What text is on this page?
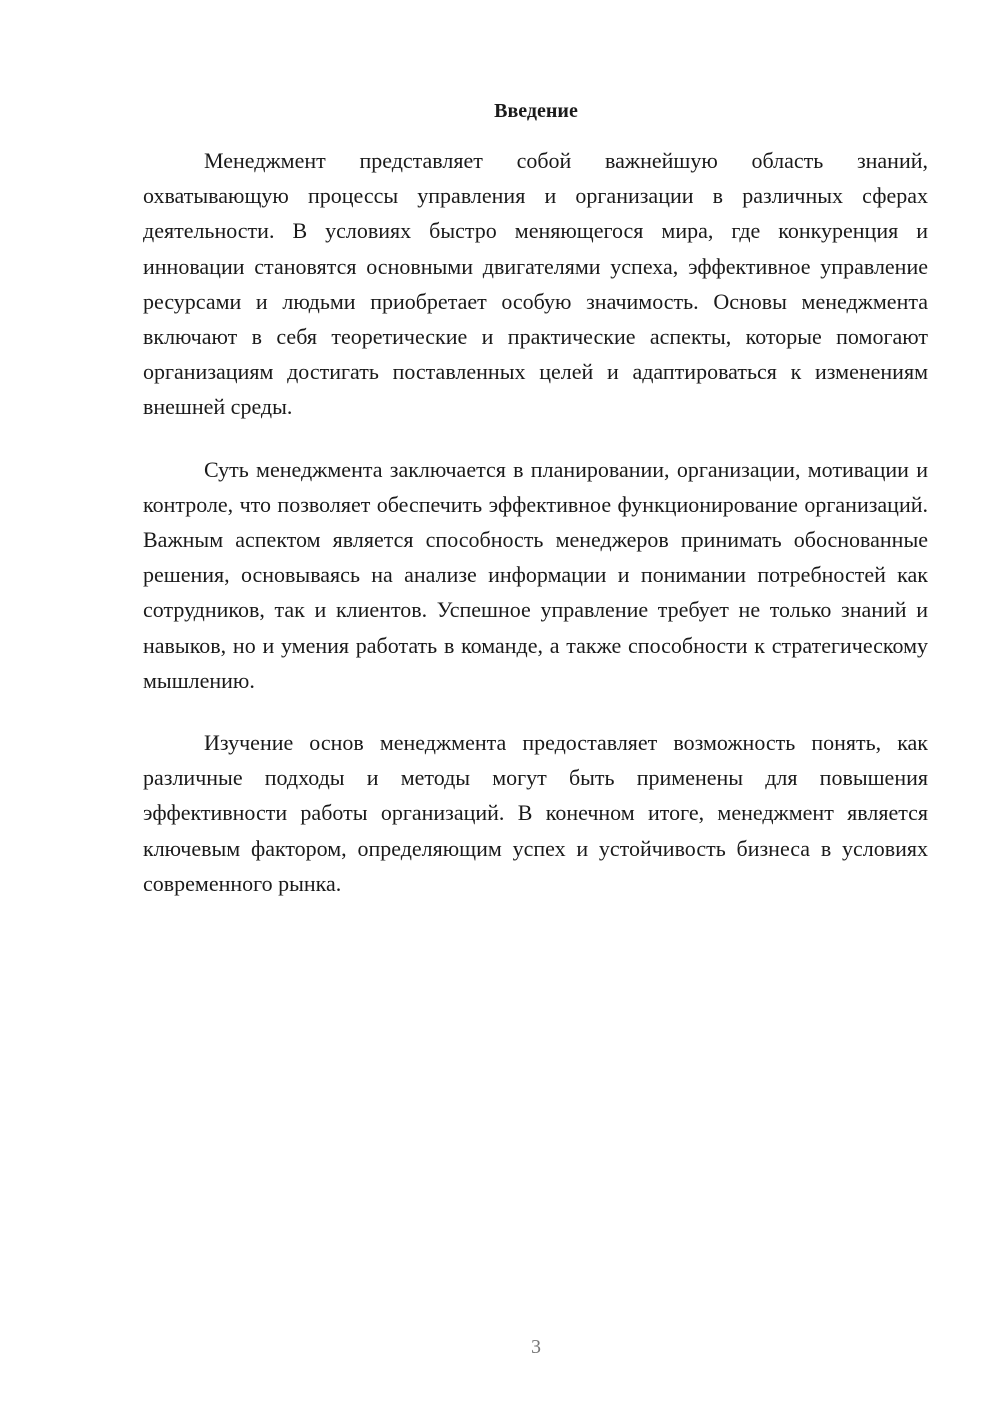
Введение

Менеджмент представляет собой важнейшую область знаний, охватывающую процессы управления и организации в различных сферах деятельности. В условиях быстро меняющегося мира, где конкуренция и инновации становятся основными двигателями успеха, эффективное управление ресурсами и людьми приобретает особую значимость. Основы менеджмента включают в себя теоретические и практические аспекты, которые помогают организациям достигать поставленных целей и адаптироваться к изменениям внешней среды.

Суть менеджмента заключается в планировании, организации, мотивации и контроле, что позволяет обеспечить эффективное функционирование организаций. Важным аспектом является способность менеджеров принимать обоснованные решения, основываясь на анализе информации и понимании потребностей как сотрудников, так и клиентов. Успешное управление требует не только знаний и навыков, но и умения работать в команде, а также способности к стратегическому мышлению.

Изучение основ менеджмента предоставляет возможность понять, как различные подходы и методы могут быть применены для повышения эффективности работы организаций. В конечном итоге, менеджмент является ключевым фактором, определяющим успех и устойчивость бизнеса в условиях современного рынка.

3
